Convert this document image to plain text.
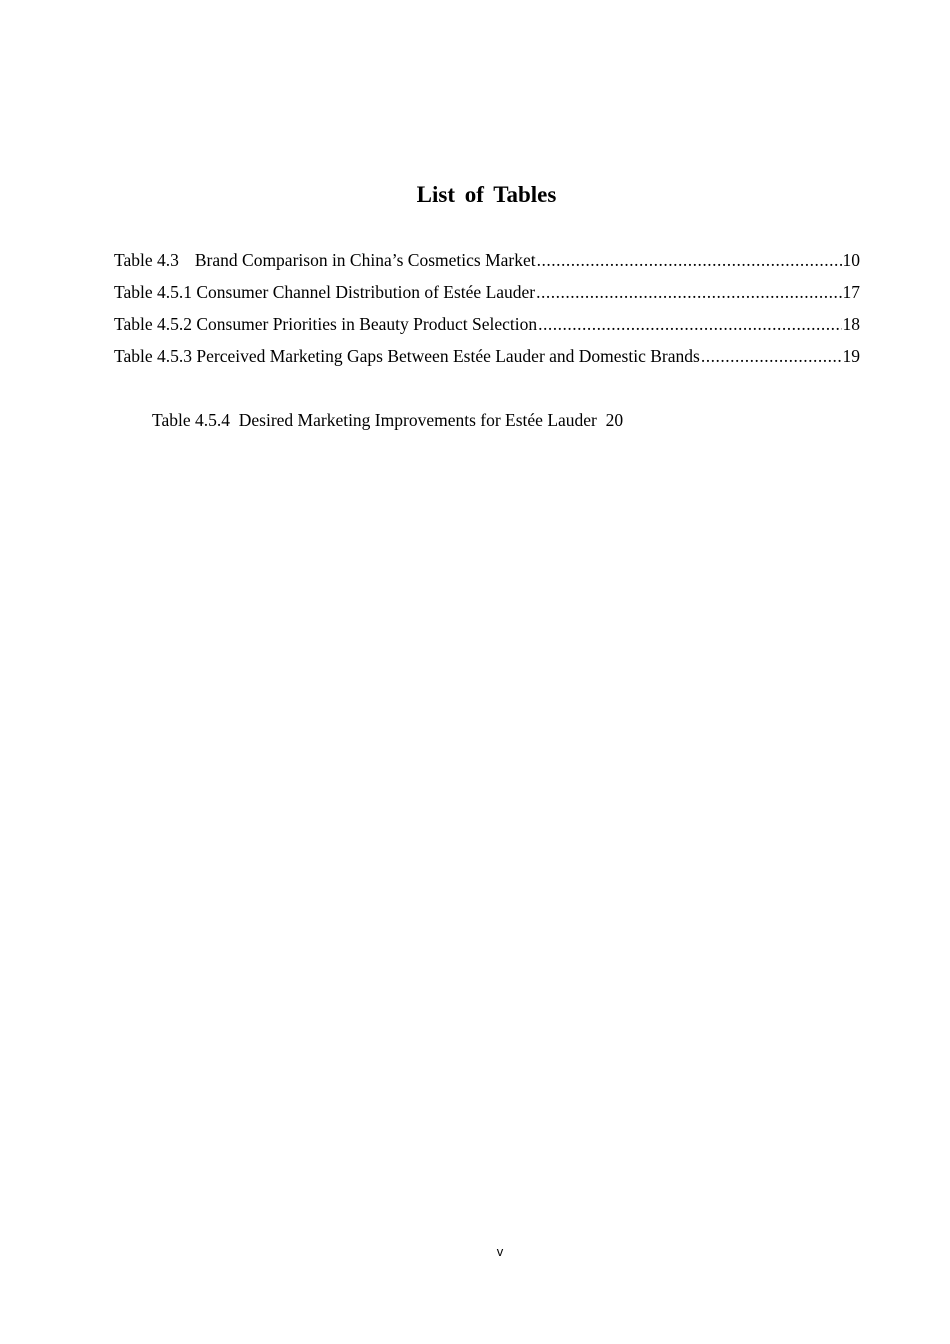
List of Tables
Table 4.3 Brand Comparison in China’s Cosmetics Market .....	10
Table 4.5.1 Consumer Channel Distribution of Estée Lauder .....	17
Table 4.5.2 Consumer Priorities in Beauty Product Selection .....	18
Table 4.5.3 Perceived Marketing Gaps Between Estée Lauder and Domestic Brands .....	19

Table 4.5.4  Desired Marketing Improvements for Estée Lauder  20

v
